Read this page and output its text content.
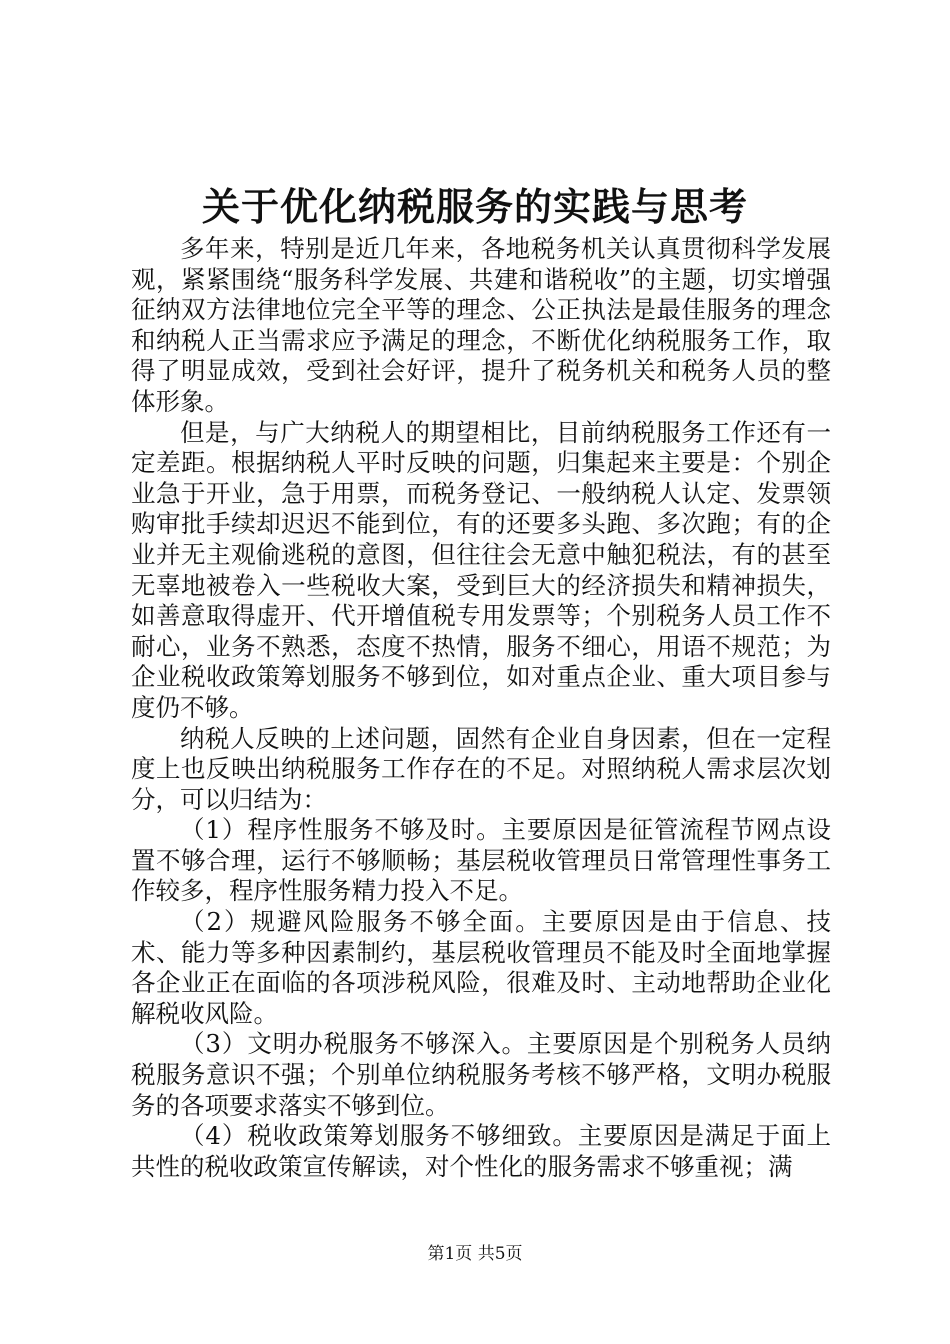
关于优化纳税服务的实践与思考

多年来，特别是近几年来，各地税务机关认真贯彻科学发展观，紧紧围绕“服务科学发展、共建和谐税收”的主题，切实增强征纳双方法律地位完全平等的理念、公正执法是最佳服务的理念和纳税人正当需求应予满足的理念，不断优化纳税服务工作，取得了明显成效，受到社会好评，提升了税务机关和税务人员的整体形象。

但是，与广大纳税人的期望相比，目前纳税服务工作还有一定差距。根据纳税人平时反映的问题，归集起来主要是：个别企业急于开业，急于用票，而税务登记、一般纳税人认定、发票领购审批手续却迟迟不能到位，有的还要多头跑、多次跑；有的企业并无主观偷逃税的意图，但往往会无意中触犯税法，有的甚至无辜地被卷入一些税收大案，受到巨大的经济损失和精神损失，如善意取得虚开、代开增值税专用发票等；个别税务人员工作不耐心，业务不熟悉，态度不热情，服务不细心，用语不规范；为企业税收政策筹划服务不够到位，如对重点企业、重大项目参与度仍不够。

纳税人反映的上述问题，固然有企业自身因素，但在一定程度上也反映出纳税服务工作存在的不足。对照纳税人需求层次划分，可以归结为：

（1）程序性服务不够及时。主要原因是征管流程节网点设置不够合理，运行不够顺畅；基层税收管理员日常管理性事务工作较多，程序性服务精力投入不足。

（2）规避风险服务不够全面。主要原因是由于信息、技术、能力等多种因素制约，基层税收管理员不能及时全面地掌握各企业正在面临的各项涉税风险，很难及时、主动地帮助企业化解税收风险。

（3）文明办税服务不够深入。主要原因是个别税务人员纳税服务意识不强；个别单位纳税服务考核不够严格，文明办税服务的各项要求落实不够到位。

（4）税收政策筹划服务不够细致。主要原因是满足于面上共性的税收政策宣传解读，对个性化的服务需求不够重视；满

第1页 共5页
